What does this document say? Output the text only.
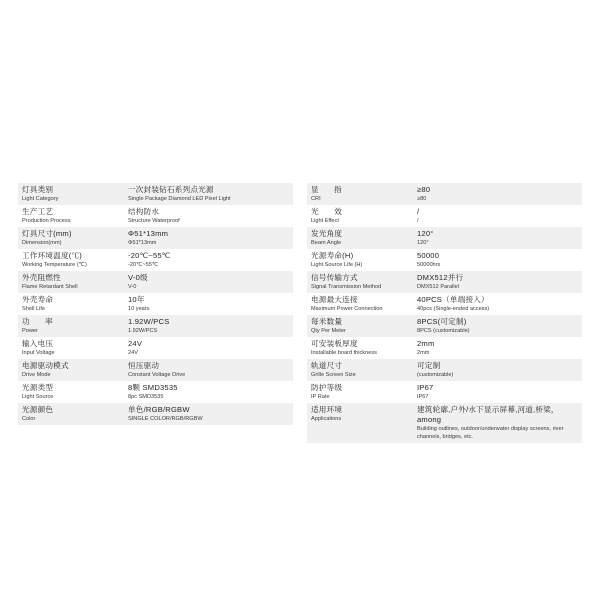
灯具类别
Light Category
一次封装钻石系列点光源
Single Package Diamond LED Pixel Light
生产工艺
Production Process
结构防水
Structure Waterproof
灯具尺寸(mm)
Dimension(mm)
Φ51*13mm
Φ51*13mm
工作环境温度(℃)
Working Temperature (℃)
-20℃~55℃
-20℃~55℃
外壳阻燃性
Flame Retardant Shell
V-0级
V-0
外壳寿命
Shell Life
10年
10 years
功　率
Power
1.92W/PCS
1.92W/PCS
输入电压
Input Voltage
24V
24V
电源驱动模式
Drive Mode
恒压驱动
Constant Voltage Drive
光源类型
Light Source
8颗 SMD3535
8pc SMD3535
光源颜色
Color
单色/RGB/RGBW
SINGLE COLOR/RGB/RGBW
显　指
CRI
≥80
≥80
光　效
Light Effect
/
/
发光角度
Beam Angle
120°
120°
光源寿命(H)
Light Source Life (H)
50000
50000hrs
信号传输方式
Signal Transmission Method
DMX512并行
DMX512 Parallel
电源最大连接
Maximum Power Connection
40PCS（单端接入）
40pcs (Single-ended access)
每米数量
Qty Per Meter
8PCS(可定制)
8PCS (customizable)
可安装板厚度
Installable board thickness
2mm
2mm
轨道尺寸
Grille Screen Size
可定制
(customizable)
防护等级
IP Rate
IP67
IP67
适用环境
Applications
建筑轮廓,户外/水下显示屏幕,河道,桥梁，among
Building outlines, outdoor/underwater display screens, river channels, bridges, etc.
